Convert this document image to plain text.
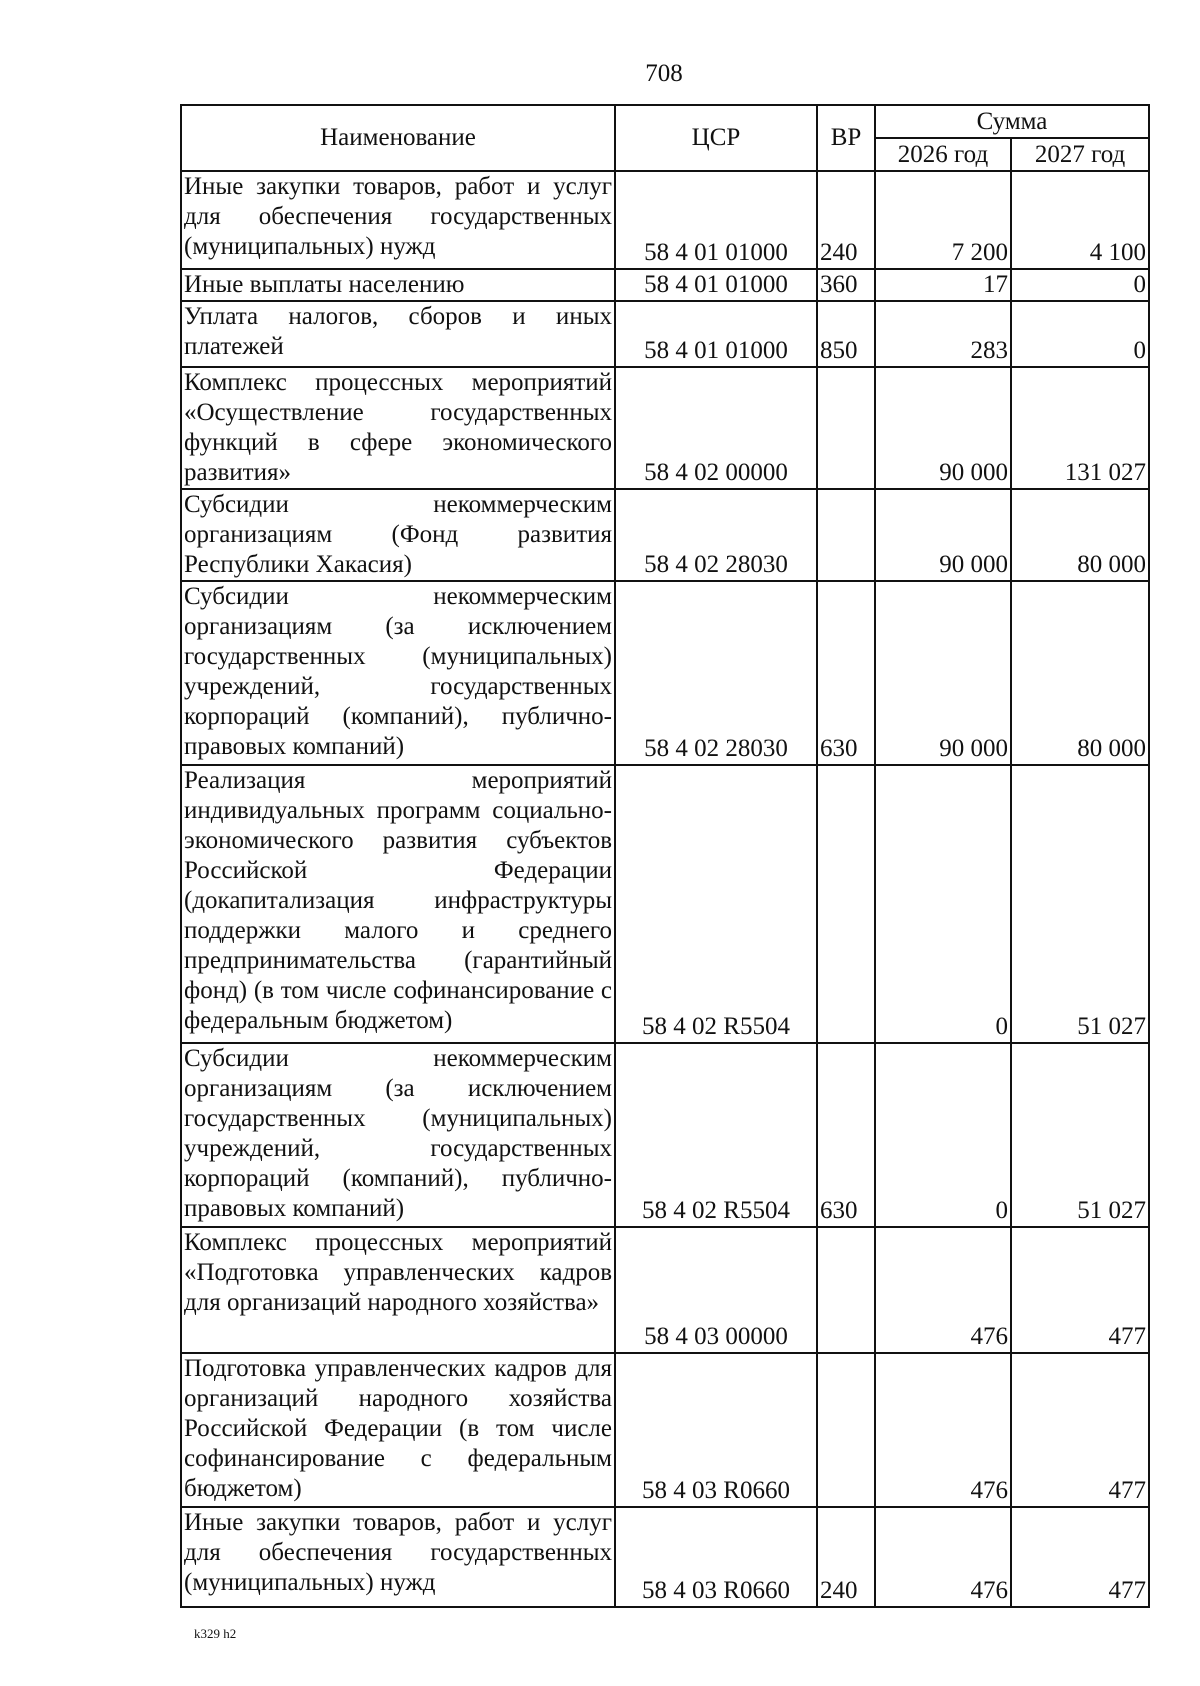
708
Наименование	ЦСР	ВР	Сумма	
			2026 год	2027 год
Иные закупки товаров, работ и услуг для обеспечения государственных (муниципальных) нужд	58 4 01 01000	240	7 200	4 100
Иные выплаты населению	58 4 01 01000	360	17	0
Уплата налогов, сборов и иных платежей	58 4 01 01000	850	283	0
Комплекс процессных мероприятий «Осуществление государственных функций в сфере экономического развития»	58 4 02 00000		90 000	131 027
Субсидии некоммерческим организациям (Фонд развития Республики Хакасия)	58 4 02 28030		90 000	80 000
Субсидии некоммерческим организациям (за исключением государственных (муниципальных) учреждений, государственных корпораций (компаний), публично-правовых компаний)	58 4 02 28030	630	90 000	80 000
Реализация мероприятий индивидуальных программ социально-экономического развития субъектов Российской Федерации (докапитализация инфраструктуры поддержки малого и среднего предпринимательства (гарантийный фонд) (в том числе софинансирование с федеральным бюджетом)	58 4 02 R5504		0	51 027
Субсидии некоммерческим организациям (за исключением государственных (муниципальных) учреждений, государственных корпораций (компаний), публично-правовых компаний)	58 4 02 R5504	630	0	51 027
Комплекс процессных мероприятий «Подготовка управленческих кадров для организаций народного хозяйства»	58 4 03 00000		476	477
Подготовка управленческих кадров для организаций народного хозяйства Российской Федерации (в том числе софинансирование с федеральным бюджетом)	58 4 03 R0660		476	477
Иные закупки товаров, работ и услуг для обеспечения государственных (муниципальных) нужд	58 4 03 R0660	240	476	477
k329 h2
